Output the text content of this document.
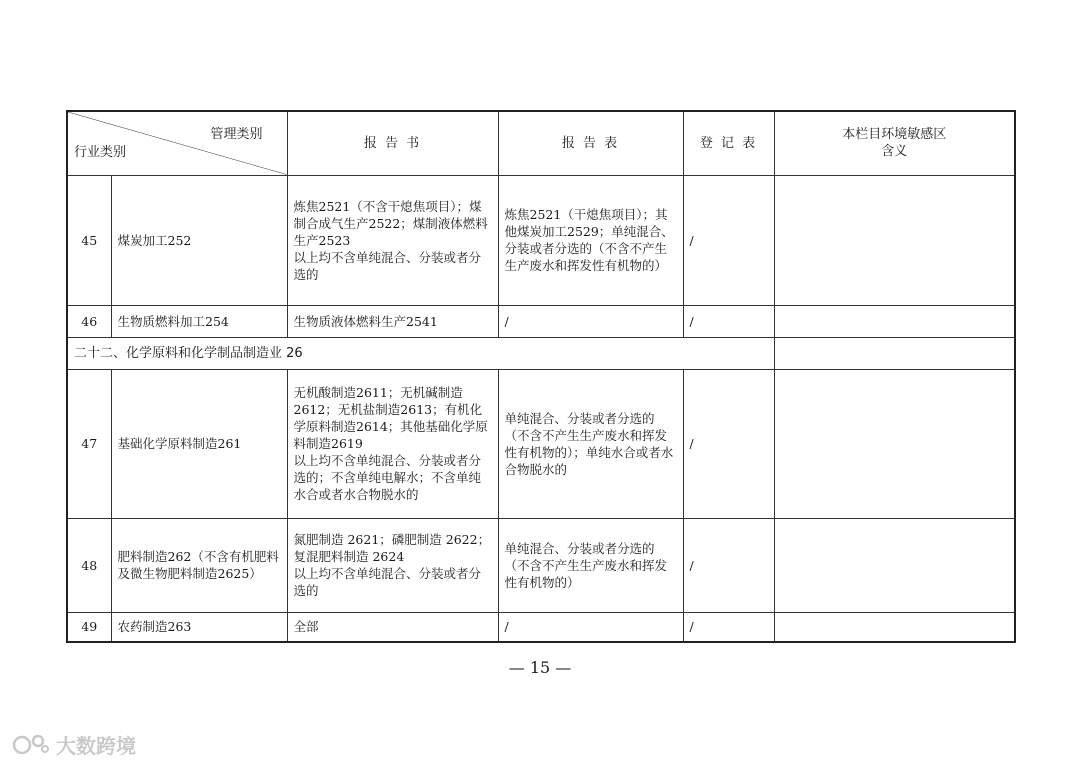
管理类别
行业类别		报 告 书	报 告 表	登 记 表	本栏目环境敏感区
含义
45	煤炭加工252	炼焦2521（不含干熄焦项目）；煤制合成气生产2522；煤制液体燃料生产2523
以上均不含单纯混合、分装或者分选的	炼焦2521（干熄焦项目）；其他煤炭加工2529；单纯混合、分装或者分选的（不含不产生生产废水和挥发性有机物的）	/	
46	生物质燃料加工254	生物质液体燃料生产2541	/	/	
二十二、化学原料和化学制品制造业 26					
47	基础化学原料制造261	无机酸制造2611；无机碱制造2612；无机盐制造2613；有机化学原料制造2614；其他基础化学原料制造2619
以上均不含单纯混合、分装或者分选的；不含单纯电解水；不含单纯水合或者水合物脱水的	单纯混合、分装或者分选的（不含不产生生产废水和挥发性有机物的）；单纯水合或者水合物脱水的	/	
48	肥料制造262（不含有机肥料及微生物肥料制造2625）	氮肥制造 2621；磷肥制造 2622；复混肥料制造 2624
以上均不含单纯混合、分装或者分选的	单纯混合、分装或者分选的（不含不产生生产废水和挥发性有机物的）	/	
49	农药制造263	全部	/	/	
— 15 —
大数跨境
